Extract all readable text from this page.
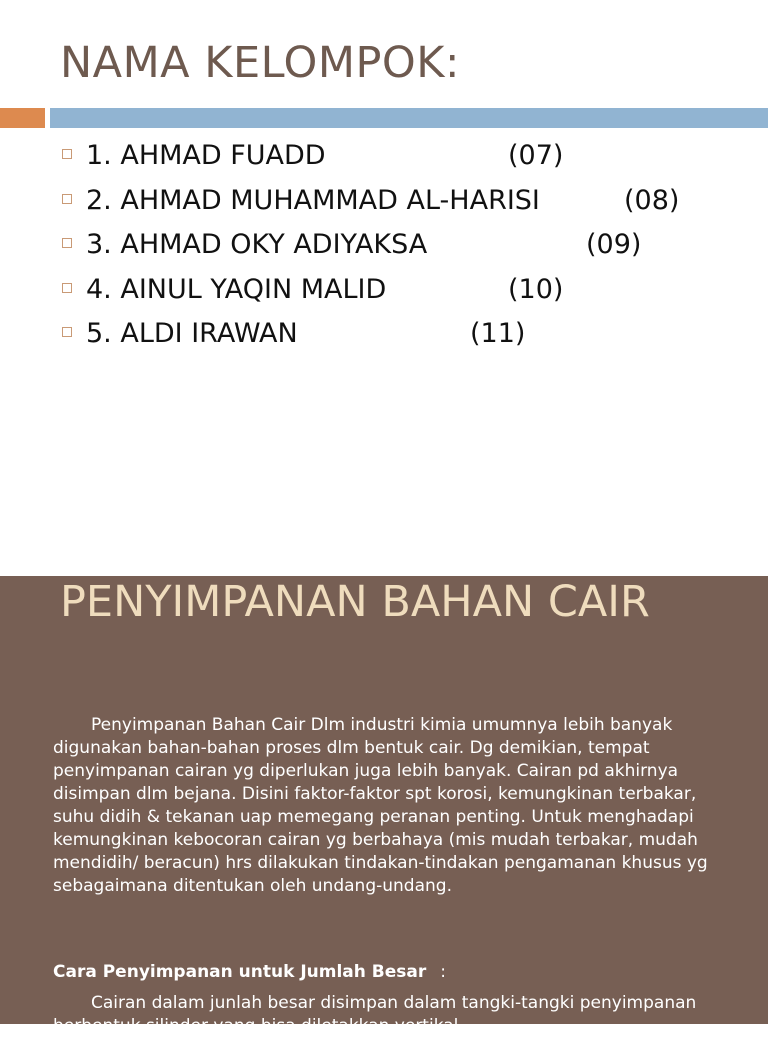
NAMA KELOMPOK:
1. AHMAD FUADD	(07)
2. AHMAD MUHAMMAD AL-HARISI	(08)
3. AHMAD OKY ADIYAKSA	(09)
4. AINUL YAQIN MALID	(10)
5. ALDI IRAWAN	(11)
PENYIMPANAN BAHAN CAIR
Penyimpanan Bahan Cair Dlm industri kimia umumnya lebih banyak digunakan bahan-bahan proses dlm bentuk cair. Dg demikian, tempat penyimpanan cairan yg diperlukan juga lebih banyak. Cairan pd akhirnya disimpan dlm bejana. Disini faktor-faktor spt korosi, kemungkinan terbakar, suhu didih & tekanan uap memegang peranan penting. Untuk menghadapi kemungkinan kebocoran cairan yg berbahaya (mis mudah terbakar, mudah mendidih/ beracun) hrs dilakukan tindakan-tindakan pengamanan khusus yg sebagaimana ditentukan oleh undang-undang.
Cara Penyimpanan untuk Jumlah Besar :
Cairan dalam junlah besar disimpan dalam tangki-tangki penyimpanan berbentuk silinder yang bisa diletakkan vertikal
